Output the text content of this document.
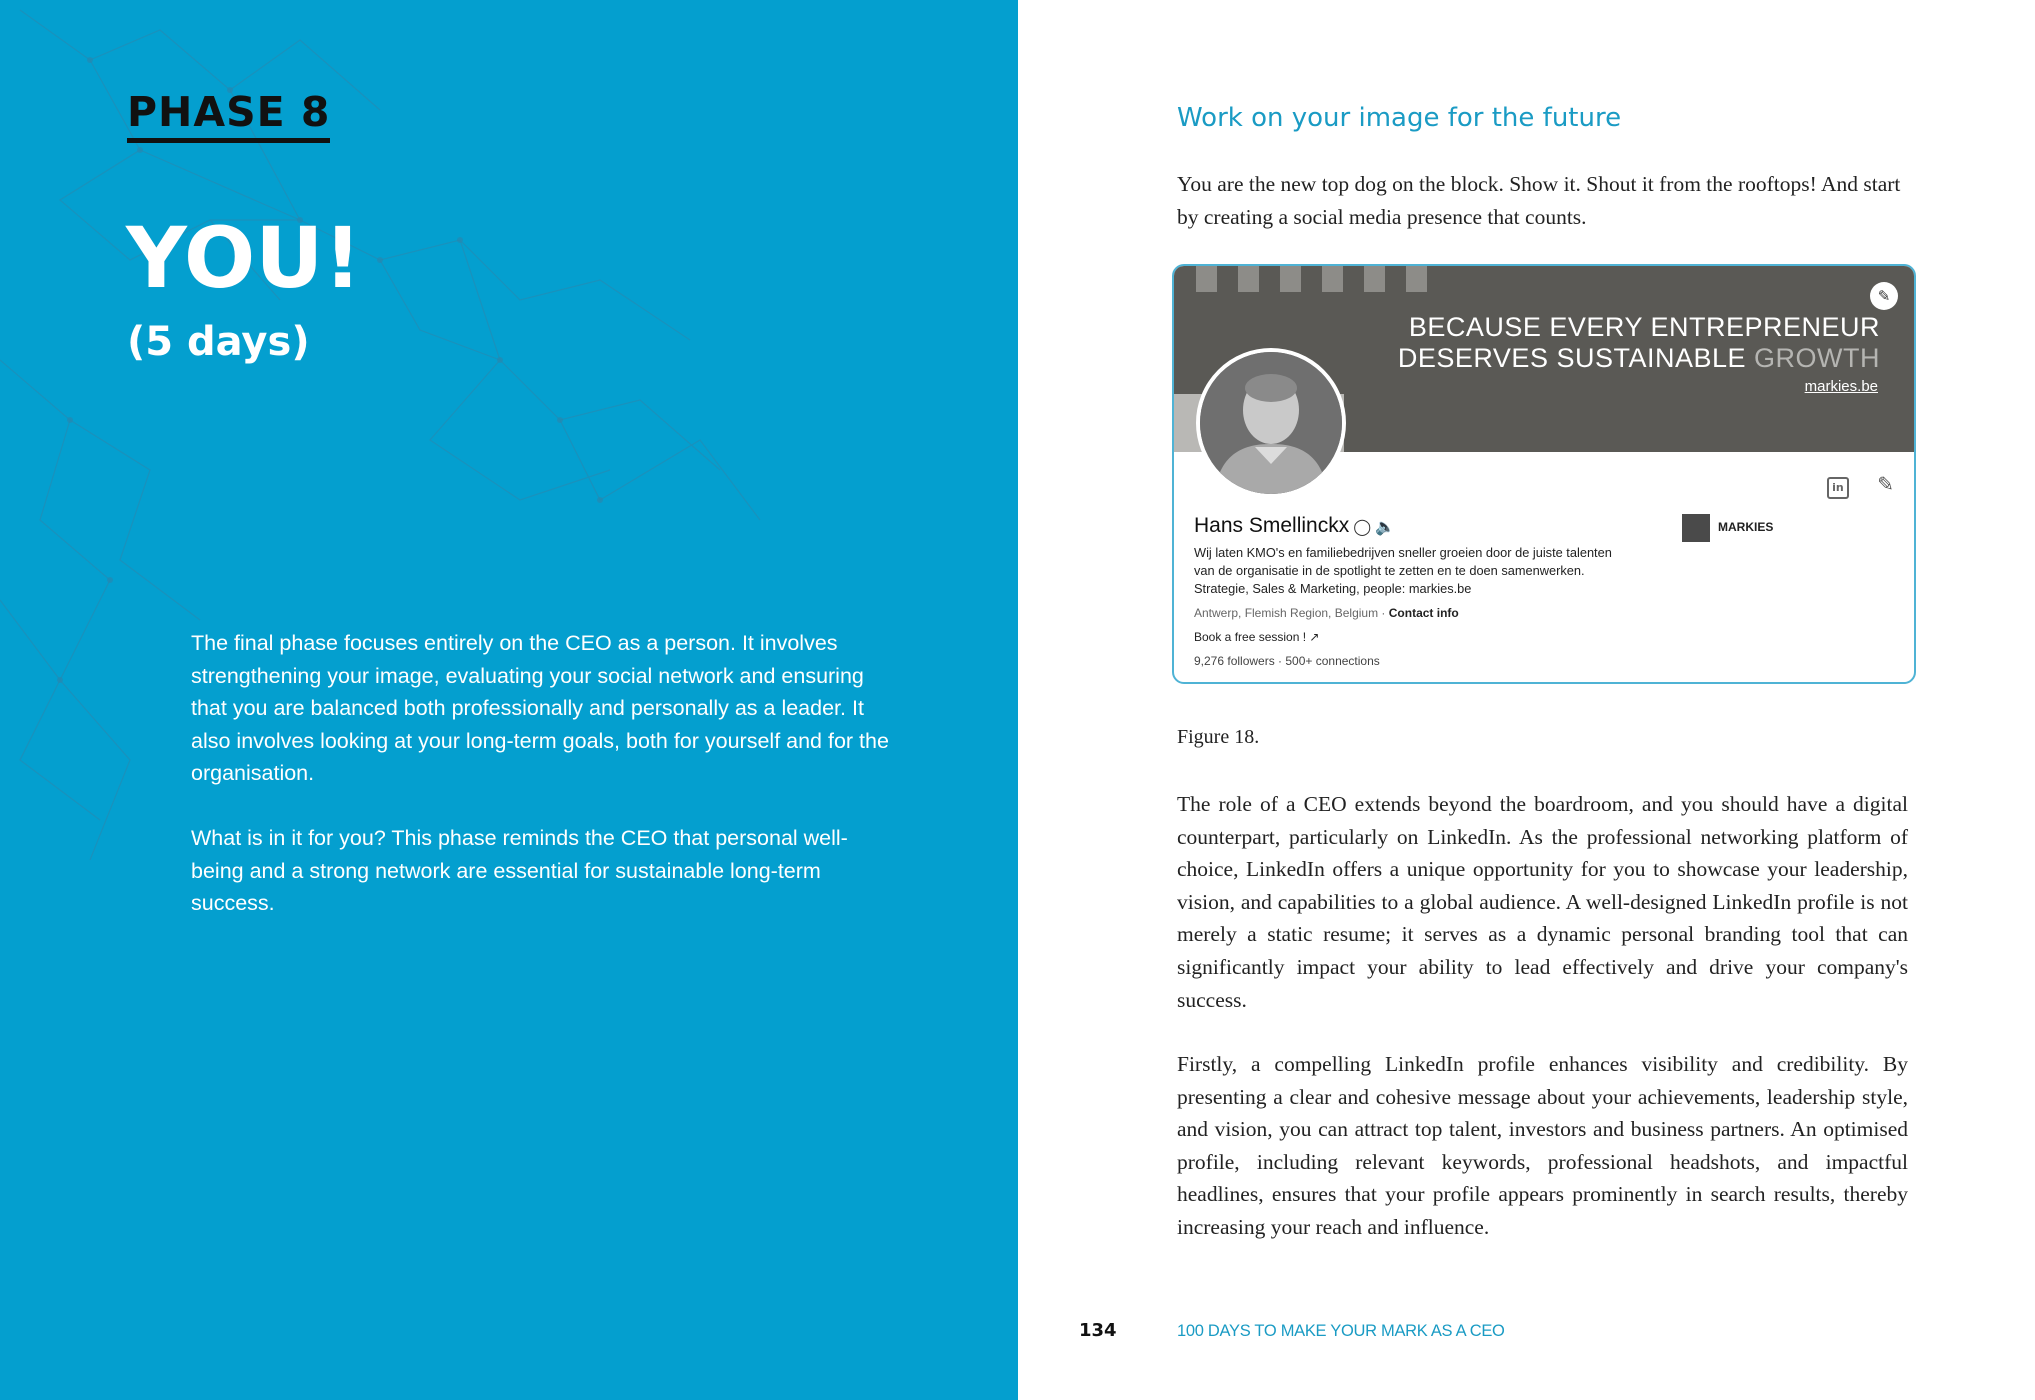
PHASE 8
YOU!
(5 days)

The final phase focuses entirely on the CEO as a person. It involves strengthening your image, evaluating your social network and ensuring that you are balanced both professionally and personally as a leader. It also involves looking at your long-term goals, both for yourself and for the organisation.

What is in it for you? This phase reminds the CEO that personal well-being and a strong network are essential for sustainable long-term success.

Work on your image for the future

You are the new top dog on the block. Show it. Shout it from the rooftops! And start by creating a social media presence that counts.

BECAUSE EVERY ENTREPRENEUR
DESERVES SUSTAINABLE GROWTH
markies.be
✎
in ✎
Hans Smellinckx ◯ 🔈
Wij laten KMO's en familiebedrijven sneller groeien door de juiste talenten van de organisatie in de spotlight te zetten en te doen samenwerken. Strategie, Sales & Marketing, people: markies.be
Antwerp, Flemish Region, Belgium · Contact info
Book a free session ! ↗
9,276 followers · 500+ connections
MARKIES
Figure 18.

The role of a CEO extends beyond the boardroom, and you should have a digital counterpart, particularly on LinkedIn. As the professional networking platform of choice, LinkedIn offers a unique opportunity for you to showcase your leadership, vision, and capabilities to a global audience. A well-designed LinkedIn profile is not merely a static resume; it serves as a dynamic personal branding tool that can significantly impact your ability to lead effectively and drive your company's success.

Firstly, a compelling LinkedIn profile enhances visibility and credibility. By presenting a clear and cohesive message about your achievements, leadership style, and vision, you can attract top talent, investors and business partners. An optimised profile, including relevant keywords, professional headshots, and impactful headlines, ensures that your profile appears prominently in search results, thereby increasing your reach and influence.

134	100 DAYS TO MAKE YOUR MARK AS A CEO
